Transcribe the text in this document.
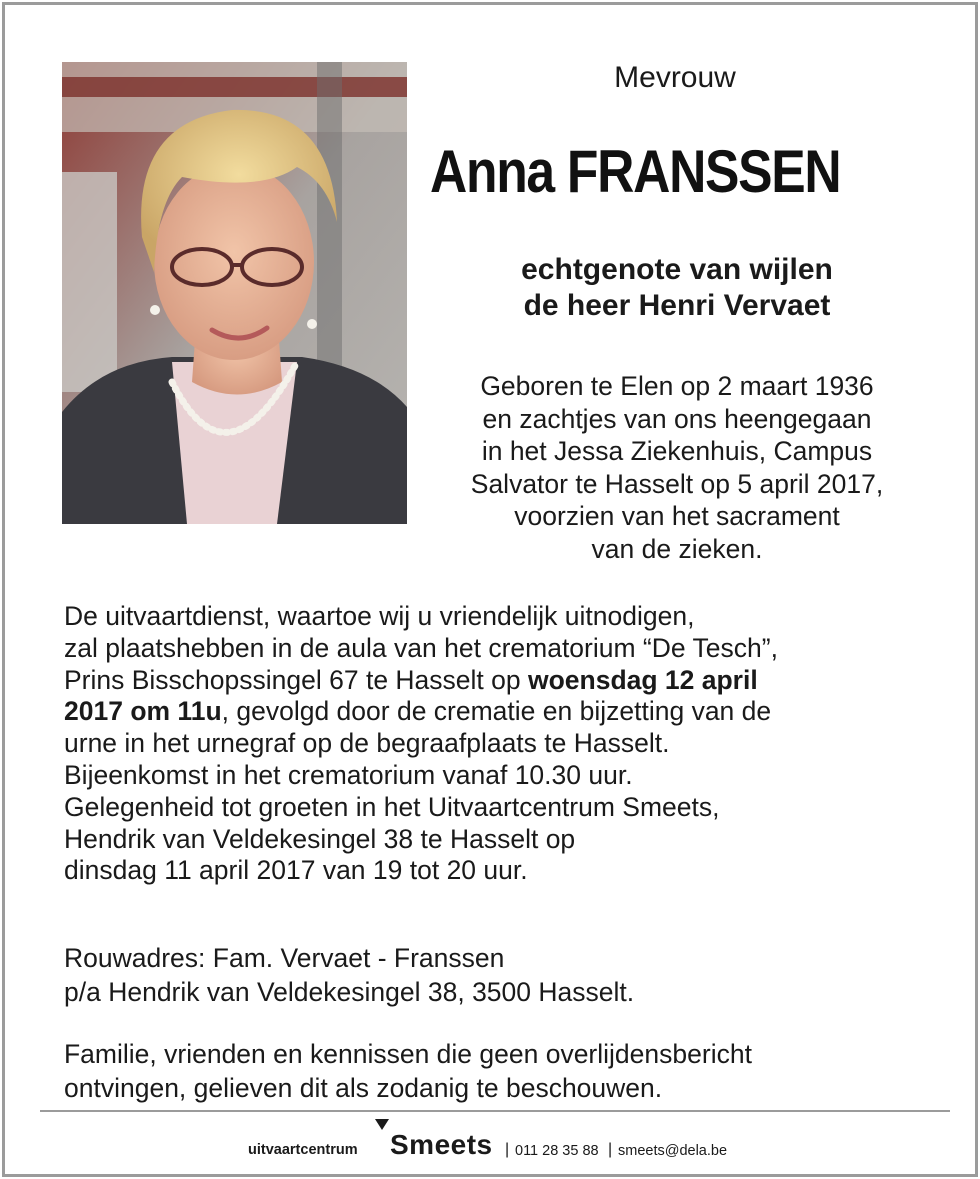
Mevrouw
Anna FRANSSEN
echtgenote van wijlen
de heer Henri Vervaet
Geboren te Elen op 2 maart 1936
en zachtjes van ons heengegaan
in het Jessa Ziekenhuis, Campus
Salvator te Hasselt op 5 april 2017,
voorzien van het sacrament
van de zieken.
De uitvaartdienst, waartoe wij u vriendelijk uitnodigen,
zal plaatshebben in de aula van het crematorium “De Tesch”,
Prins Bisschopssingel 67 te Hasselt op woensdag 12 april
2017 om 11u, gevolgd door de crematie en bijzetting van de
urne in het urnegraf op de begraafplaats te Hasselt.
Bijeenkomst in het crematorium vanaf 10.30 uur.
Gelegenheid tot groeten in het Uitvaartcentrum Smeets,
Hendrik van Veldekesingel 38 te Hasselt op
dinsdag 11 april 2017 van 19 tot 20 uur.
Rouwadres: Fam. Vervaet - Franssen
p/a Hendrik van Veldekesingel 38, 3500 Hasselt.
Familie, vrienden en kennissen die geen overlijdensbericht
ontvingen, gelieven dit als zodanig te beschouwen.
uitvaartcentrum Smeets | 011 28 35 88 | smeets@dela.be
